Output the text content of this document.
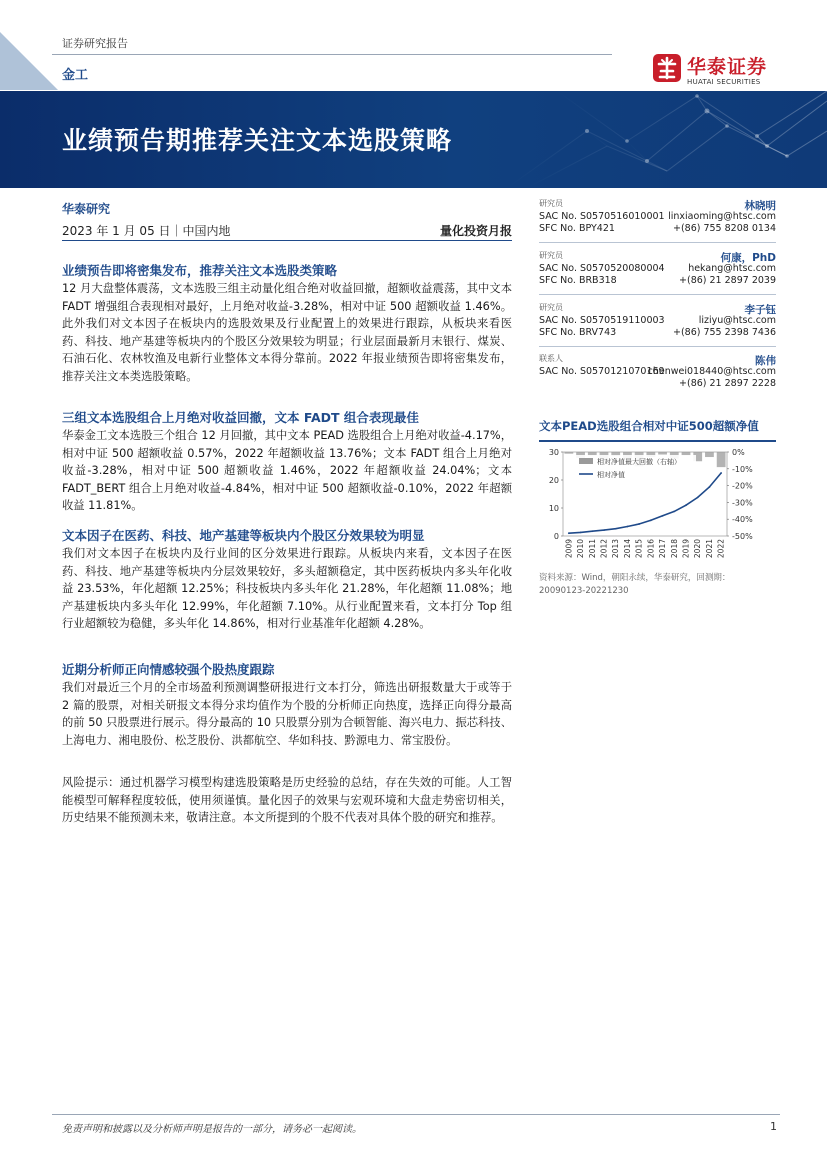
证券研究报告
金工	华泰证券
HUATAI SECURITIES
业绩预告期推荐关注文本选股策略
华泰研究
2023 年 1 月 05 日｜中国内地	量化投资月报
业绩预告即将密集发布，推荐关注文本选股类策略

12 月大盘整体震荡，文本选股三组主动量化组合绝对收益回撤，超额收益震荡，其中文本 FADT 增强组合表现相对最好，上月绝对收益-3.28%，相对中证 500 超额收益 1.46%。此外我们对文本因子在板块内的选股效果及行业配置上的效果进行跟踪，从板块来看医药、科技、地产基建等板块内的个股区分效果较为明显；行业层面最新月末银行、煤炭、石油石化、农林牧渔及电新行业整体文本得分靠前。2022 年报业绩预告即将密集发布，推荐关注文本类选股策略。

三组文本选股组合上月绝对收益回撤，文本 FADT 组合表现最佳

华泰金工文本选股三个组合 12 月回撤，其中文本 PEAD 选股组合上月绝对收益-4.17%，相对中证 500 超额收益 0.57%，2022 年超额收益 13.76%；文本 FADT 组合上月绝对收益-3.28%，相对中证 500 超额收益 1.46%，2022 年超额收益 24.04%；文本 FADT_BERT 组合上月绝对收益-4.84%，相对中证 500 超额收益-0.10%，2022 年超额收益 11.81%。

文本因子在医药、科技、地产基建等板块内个股区分效果较为明显

我们对文本因子在板块内及行业间的区分效果进行跟踪。从板块内来看，文本因子在医药、科技、地产基建等板块内分层效果较好，多头超额稳定，其中医药板块内多头年化收益 23.53%，年化超额 12.25%；科技板块内多头年化 21.28%，年化超额 11.08%；地产基建板块内多头年化 12.99%，年化超额 7.10%。从行业配置来看，文本打分 Top 组行业超额较为稳健，多头年化 14.86%，相对行业基准年化超额 4.28%。

近期分析师正向情感较强个股热度跟踪

我们对最近三个月的全市场盈利预测调整研报进行文本打分，筛选出研报数量大于或等于 2 篇的股票，对相关研报文本得分求均值作为个股的分析师正向热度，选择正向得分最高的前 50 只股票进行展示。得分最高的 10 只股票分别为合顿智能、海兴电力、振芯科技、上海电力、湘电股份、松芝股份、洪都航空、华如科技、黔源电力、常宝股份。

风险提示：通过机器学习模型构建选股策略是历史经验的总结，存在失效的可能。人工智能模型可解释程度较低，使用须谨慎。量化因子的效果与宏观环境和大盘走势密切相关，历史结果不能预测未来，敬请注意。本文所提到的个股不代表对具体个股的研究和推荐。

研究员	林晓明
SAC No. S0570516010001 linxiaoming@htsc.com
SFC No. BPY421	+(86) 755 8208 0134
研究员	何康，PhD
SAC No. S0570520080004 hekang@htsc.com
SFC No. BRB318	+(86) 21 2897 2039
研究员	李子钰
SAC No. S0570519110003	liziyu@htsc.com
SFC No. BRV743	+(86) 755 2398 7436
联系人	陈伟
SAC No. S0570121070169
chenwei018440@htsc.com
+(86) 21 2897 2228
文本PEAD选股组合相对中证500超额净值
0
10
20
30	0%
-10%
-20%
-30%
-40%
-50%
2009 2010 2011 2012 2013 2014 2015 2016 2017 2018 2019 2020 2021 2022
相对净值最大回撤（右轴）
相对净值
资料来源：Wind，朝阳永续，华泰研究，回测期：20090123-20221230
免责声明和披露以及分析师声明是报告的一部分，请务必一起阅读。	1
